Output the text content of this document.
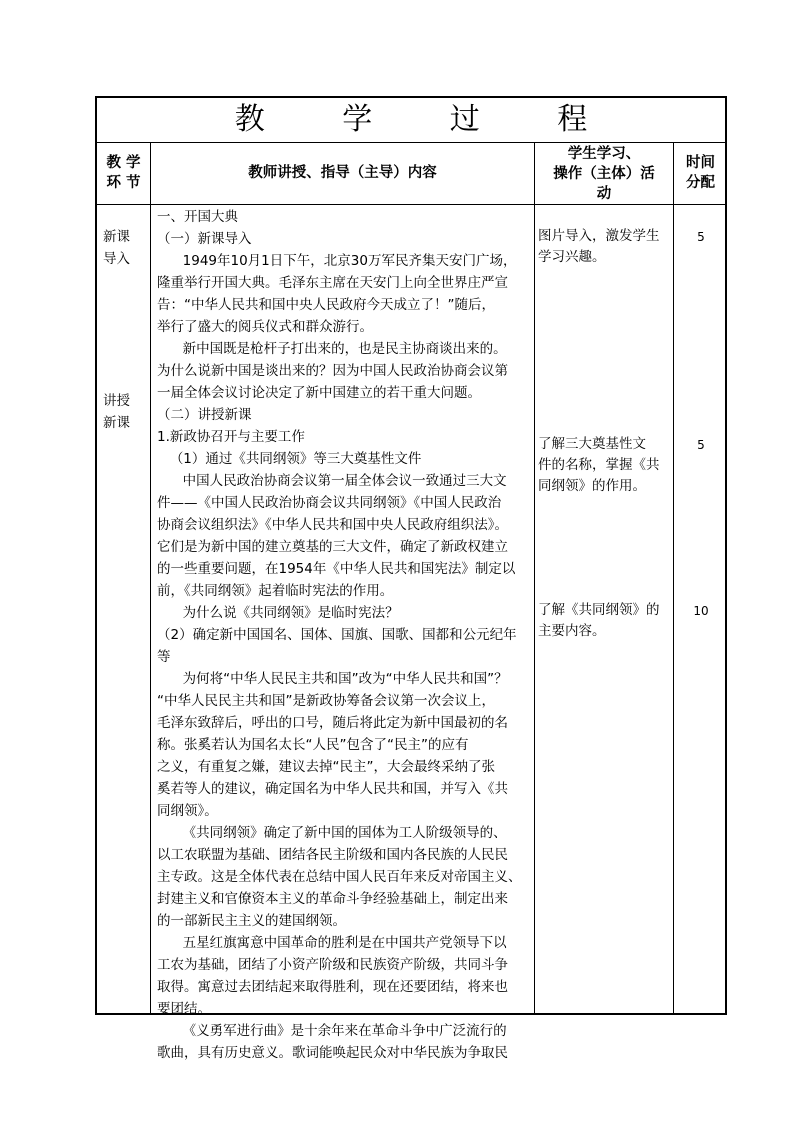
教 学 过 程
教 学
环 节
教师讲授、指导（主导）内容
学生学习、
操作（主体）活
动
时间
分配
新课
导入
讲授
新课

一、开国大典

（一）新课导入

1949年10月1日下午，北京30万军民齐集天安门广场，

隆重举行开国大典。毛泽东主席在天安门上向全世界庄严宣

告：“中华人民共和国中央人民政府今天成立了！”随后，

举行了盛大的阅兵仪式和群众游行。

新中国既是枪杆子打出来的，也是民主协商谈出来的。

为什么说新中国是谈出来的？因为中国人民政治协商会议第

一届全体会议讨论决定了新中国建立的若干重大问题。

（二）讲授新课

1.新政协召开与主要工作

（1）通过《共同纲领》等三大奠基性文件

中国人民政治协商会议第一届全体会议一致通过三大文

件——《中国人民政治协商会议共同纲领》《中国人民政治

协商会议组织法》《中华人民共和国中央人民政府组织法》。

它们是为新中国的建立奠基的三大文件，确定了新政权建立

的一些重要问题，在1954年《中华人民共和国宪法》制定以

前，《共同纲领》起着临时宪法的作用。

为什么说《共同纲领》是临时宪法？

（2）确定新中国国名、国体、国旗、国歌、国都和公元纪年

等

为何将“中华人民民主共和国”改为“中华人民共和国”？

“中华人民民主共和国”是新政协筹备会议第一次会议上，

毛泽东致辞后，呼出的口号，随后将此定为新中国最初的名

称。张奚若认为国名太长“人民”包含了“民主”的应有

之义，有重复之嫌，建议去掉“民主”，大会最终采纳了张

奚若等人的建议，确定国名为中华人民共和国，并写入《共

同纲领》。

《共同纲领》确定了新中国的国体为工人阶级领导的、

以工农联盟为基础、团结各民主阶级和国内各民族的人民民

主专政。这是全体代表在总结中国人民百年来反对帝国主义、

封建主义和官僚资本主义的革命斗争经验基础上，制定出来

的一部新民主主义的建国纲领。

五星红旗寓意中国革命的胜利是在中国共产党领导下以

工农为基础，团结了小资产阶级和民族资产阶级，共同斗争

取得。寓意过去团结起来取得胜利，现在还要团结，将来也

要团结。

《义勇军进行曲》是十余年来在革命斗争中广泛流行的

歌曲，具有历史意义。歌词能唤起民众对中华民族为争取民

图片导入，激发学生
学习兴趣。
了解三大奠基性文
件的名称，掌握《共
同纲领》的作用。
了解《共同纲领》的
主要内容。
5
5
10
